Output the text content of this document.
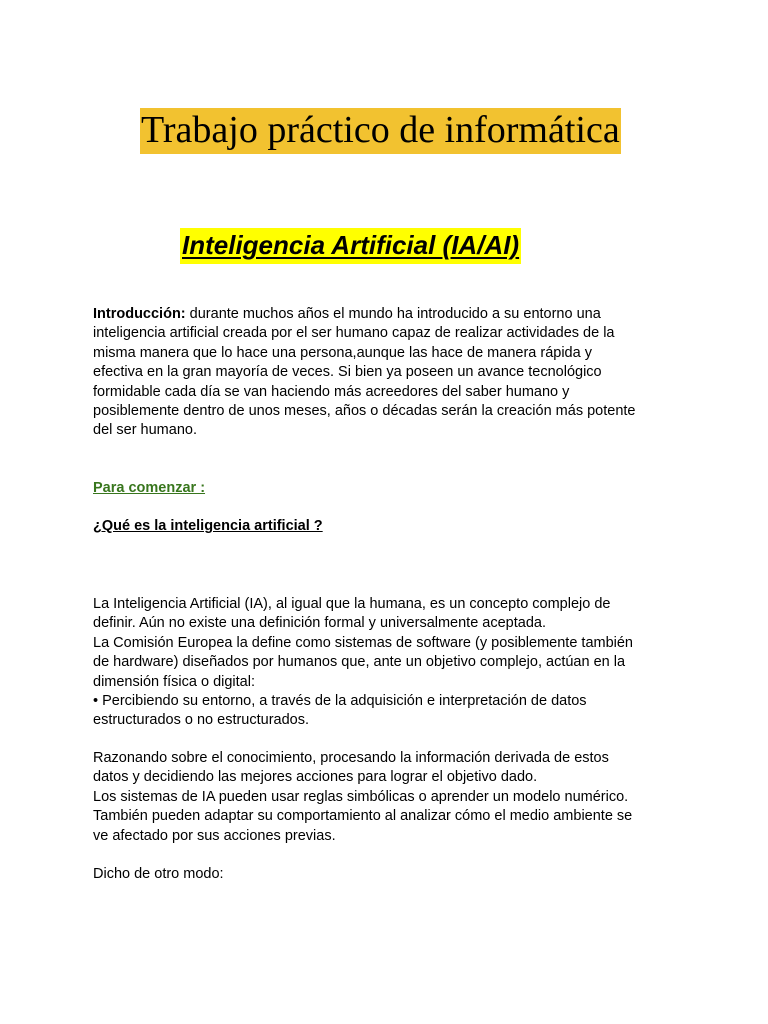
Trabajo práctico de informática
Inteligencia Artificial (IA/AI)

Introducción: durante muchos años el mundo ha introducido a su entorno una
inteligencia artificial creada por el ser humano capaz de realizar actividades de la
misma manera que lo hace una persona,aunque las hace de manera rápida y
efectiva en la gran mayoría de veces. Si bien ya poseen un avance tecnológico
formidable cada día se van haciendo más acreedores del saber humano y
posiblemente dentro de unos meses, años o décadas serán la creación más potente
del ser humano.

Para comenzar :

¿Qué es la inteligencia artificial ?

La Inteligencia Artificial (IA), al igual que la humana, es un concepto complejo de
definir. Aún no existe una definición formal y universalmente aceptada.
La Comisión Europea la define como sistemas de software (y posiblemente también
de hardware) diseñados por humanos que, ante un objetivo complejo, actúan en la
dimensión física o digital:
• Percibiendo su entorno, a través de la adquisición e interpretación de datos
estructurados o no estructurados.

Razonando sobre el conocimiento, procesando la información derivada de estos
datos y decidiendo las mejores acciones para lograr el objetivo dado.
Los sistemas de IA pueden usar reglas simbólicas o aprender un modelo numérico.
También pueden adaptar su comportamiento al analizar cómo el medio ambiente se
ve afectado por sus acciones previas.

Dicho de otro modo:
